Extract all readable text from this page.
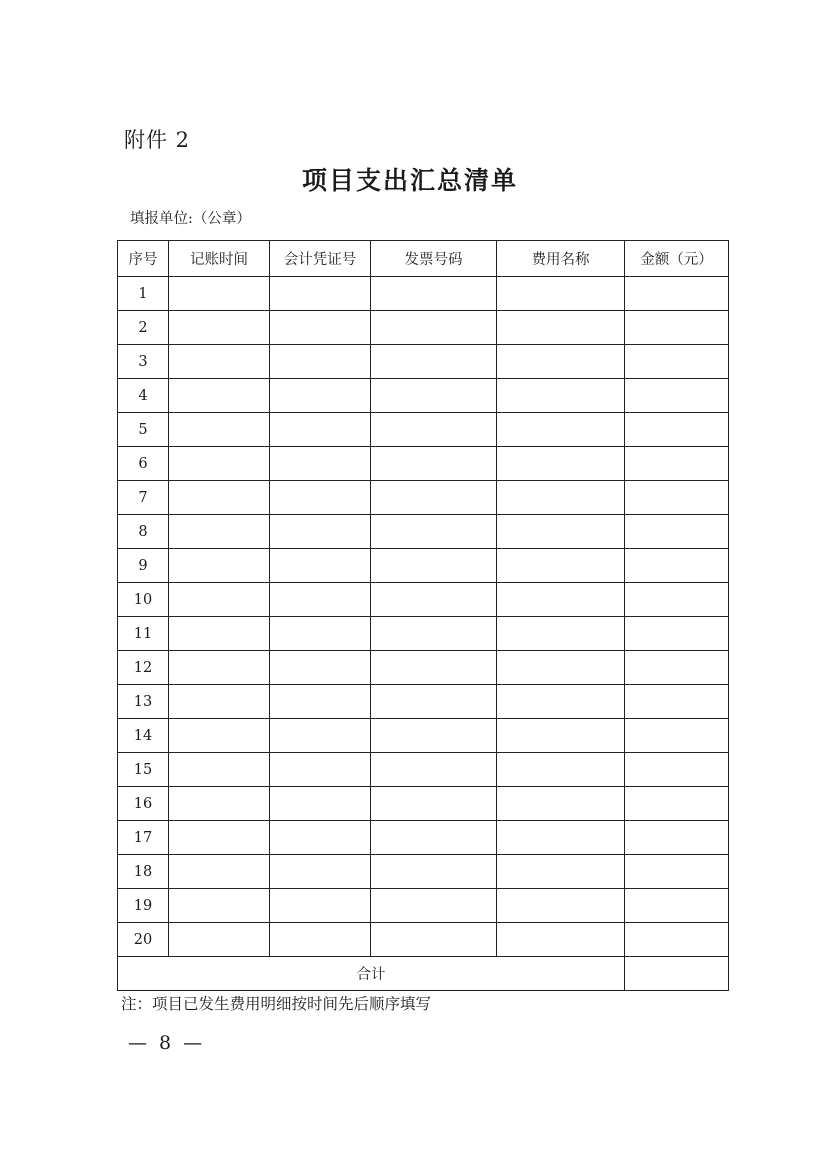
附件 2
项目支出汇总清单
填报单位:（公章）
序号	记账时间	会计凭证号	发票号码	费用名称	金额（元）
1					
2					
3					
4					
5					
6					
7					
8					
9					
10					
11					
12					
13					
14					
15					
16					
17					
18					
19					
20					
合计					
注：项目已发生费用明细按时间先后顺序填写
— 8 —
